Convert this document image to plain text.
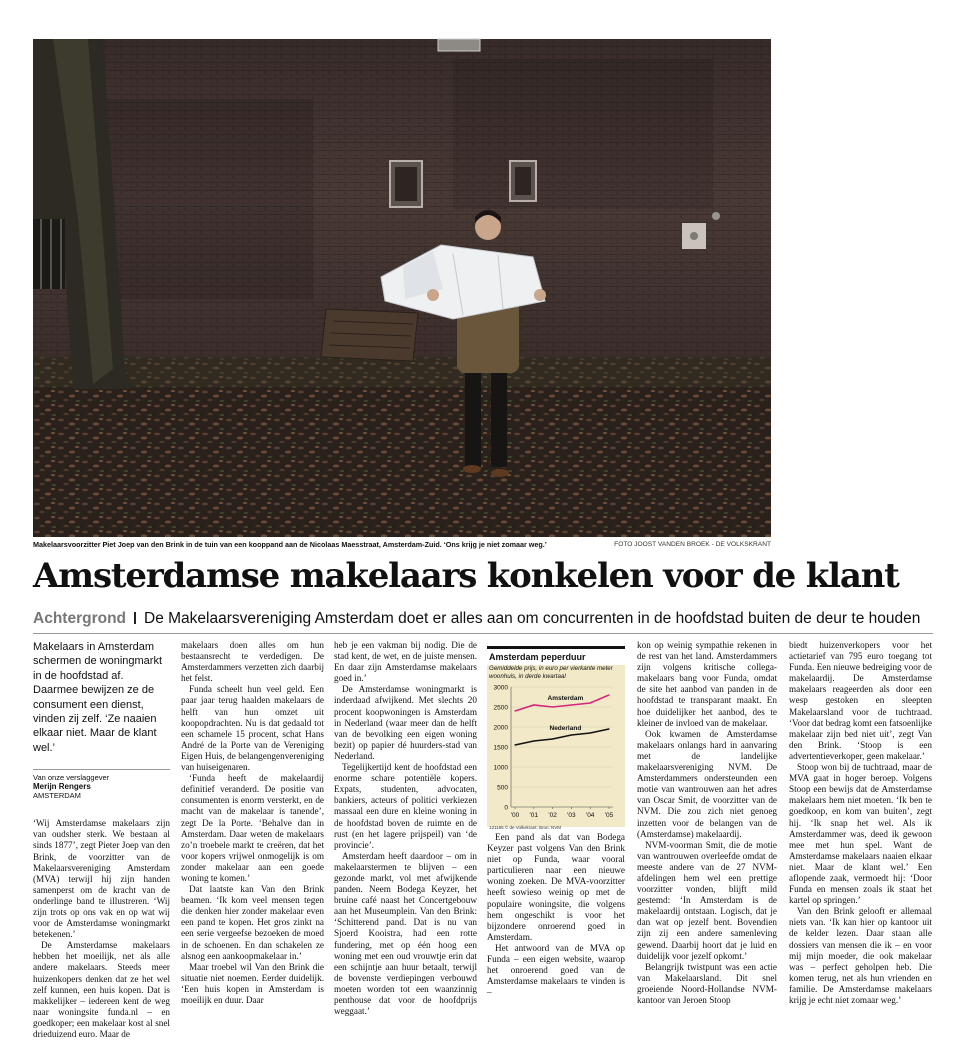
Makelaarsvoorzitter Piet Joep van den Brink in de tuin van een kooppand aan de Nicolaas Maesstraat, Amsterdam-Zuid. ‘Ons krijg je niet zomaar weg.’	FOTO JOOST VANDEN BROEK - DE VOLKSKRANT
Amsterdamse makelaars konkelen voor de klant
Achtergrond De Makelaarsvereniging Amsterdam doet er alles aan om concurrenten in de hoofdstad buiten de deur te houden
Makelaars in Amsterdam schermen de woningmarkt in de hoofdstad af. Daarmee bewijzen ze de consument een dienst, vinden zij zelf. ‘Ze naaien elkaar niet. Maar de klant wel.’
Van onze verslaggever
Merijn Rengers
AMSTERDAM

‘Wij Amsterdamse makelaars zijn van oudsher sterk. We bestaan al sinds 1877’, zegt Pieter Joep van den Brink, de voorzitter van de Makelaarsvereniging Amsterdam (MVA) terwijl hij zijn handen samenperst om de kracht van de onderlinge band te illustreren. ‘Wij zijn trots op ons vak en op wat wij voor de Amsterdamse woningmarkt betekenen.’

De Amsterdamse makelaars hebben het moeilijk, net als alle andere makelaars. Steeds meer huizenkopers denken dat ze het wel zelf kunnen, een huis kopen. Dat is makkelijker – iedereen kent de weg naar woningsite funda.nl – en goedkoper; een makelaar kost al snel drieduizend euro. Maar de

makelaars doen alles om hun bestaansrecht te verdedigen. De Amsterdammers verzetten zich daarbij het felst.

Funda scheelt hun veel geld. Een paar jaar terug haalden makelaars de helft van hun omzet uit koopopdrachten. Nu is dat gedaald tot een schamele 15 procent, schat Hans André de la Porte van de Vereniging Eigen Huis, de belangengenvereniging van huiseigenaren.

‘Funda heeft de makelaardij definitief veranderd. De positie van consumenten is enorm versterkt, en de macht van de makelaar is tanende’, zegt De la Porte. ‘Behalve dan in Amsterdam. Daar weten de makelaars zo’n troebele markt te creëren, dat het voor kopers vrijwel onmogelijk is om zonder makelaar aan een goede woning te komen.’

Dat laatste kan Van den Brink beamen. ‘Ik kom veel mensen tegen die denken hier zonder makelaar even een pand te kopen. Het gros zinkt na een serie vergeefse bezoeken de moed in de schoenen. En dan schakelen ze alsnog een aankoopmakelaar in.’

Maar troebel wil Van den Brink die situatie niet noemen. Eerder duidelijk. ‘Een huis kopen in Amsterdam is moeilijk en duur. Daar

heb je een vakman bij nodig. Die de stad kent, de wet, en de juiste mensen. En daar zijn Amsterdamse makelaars goed in.’

De Amsterdamse woningmarkt is inderdaad afwijkend. Met slechts 20 procent koopwoningen is Amsterdam in Nederland (waar meer dan de helft van de bevolking een eigen woning bezit) op papier dé huurders-stad van Nederland.

Tegelijkertijd kent de hoofdstad een enorme schare potentiële kopers. Expats, studenten, advocaten, bankiers, acteurs of politici verkiezen massaal een dure en kleine woning in de hoofdstad boven de ruimte en de rust (en het lagere prijspeil) van ‘de provincie’.

Amsterdam heeft daardoor – om in makelaarstermen te blijven – een gezonde markt, vol met afwijkende panden. Neem Bodega Keyzer, het bruine café naast het Concertgebouw aan het Museumplein. Van den Brink: ‘Schitterend pand. Dat is nu van Sjoerd Kooistra, had een rotte fundering, met op één hoog een woning met een oud vrouwtje erin dat een schijntje aan huur betaalt, terwijl de bovenste verdiepingen verbouwd moeten worden tot een waanzinnig penthouse dat voor de hoofdprijs weggaat.’

Amsterdam peperduur
Gemiddelde prijs, in euro per vierkante meter woonhuis, in derde kwartaal
0
500
1000
1500
2000
2500
3000
'00 '01 '02 '03 '04 '05
Amsterdam
Nederland
121165 © de Volkskrant; Bron: NVM

Een pand als dat van Bodega Keyzer past volgens Van den Brink niet op Funda, waar vooral particulieren naar een nieuwe woning zoeken. De MVA-voorzitter heeft sowieso weinig op met de populaire woningsite, die volgens hem ongeschikt is voor het bijzondere onroerend goed in Amsterdam.

Het antwoord van de MVA op Funda – een eigen website, waarop het onroerend goed van de Amsterdamse makelaars te vinden is –

kon op weinig sympathie rekenen in de rest van het land. Amsterdammers zijn volgens kritische collega-makelaars bang voor Funda, omdat de site het aanbod van panden in de hoofdstad te transparant maakt. En hoe duidelijker het aanbod, des te kleiner de invloed van de makelaar.

Ook kwamen de Amsterdamse makelaars onlangs hard in aanvaring met de landelijke makelaarsvereniging NVM. De Amsterdammers ondersteunden een motie van wantrouwen aan het adres van Oscar Smit, de voorzitter van de NVM. Die zou zich niet genoeg inzetten voor de belangen van de (Amsterdamse) makelaardij.

NVM-voorman Smit, die de motie van wantrouwen overleefde omdat de meeste andere van de 27 NVM-afdelingen hem wel een prettige voorzitter vonden, blijft mild gestemd: ‘In Amsterdam is de makelaardij ontstaan. Logisch, dat je dan wat op jezelf bent. Bovendien zijn zij een andere samenleving gewend. Daarbij hoort dat je luid en duidelijk voor jezelf opkomt.’

Belangrijk twistpunt was een actie van Makelaarsland. Dit snel groeiende Noord-Hollandse NVM-kantoor van Jeroen Stoop

biedt huizenverkopers voor het actietarief van 795 euro toegang tot Funda. Een nieuwe bedreiging voor de makelaardij. De Amsterdamse makelaars reageerden als door een wesp gestoken en sleepten Makelaarsland voor de tuchtraad. ‘Voor dat bedrag komt een fatsoenlijke makelaar zijn bed niet uit’, zegt Van den Brink. ‘Stoop is een advertentieverkoper, geen makelaar.’

Stoop won bij de tuchtraad, maar de MVA gaat in hoger beroep. Volgens Stoop een bewijs dat de Amsterdamse makelaars hem niet moeten. ‘Ik ben te goedkoop, en kom van buiten’, zegt hij. ‘Ik snap het wel. Als ik Amsterdammer was, deed ik gewoon mee met hun spel. Want de Amsterdamse makelaars naaien elkaar niet. Maar de klant wel.’ Een aflopende zaak, vermoedt hij: ‘Door Funda en mensen zoals ik staat het kartel op springen.’

Van den Brink gelooft er allemaal niets van. ‘Ik kan hier op kantoor uit de kelder lezen. Daar staan alle dossiers van mensen die ik – en voor mij mijn moeder, die ook makelaar was – perfect geholpen heb. Die komen terug, net als hun vrienden en familie. De Amsterdamse makelaars krijg je echt niet zomaar weg.’
